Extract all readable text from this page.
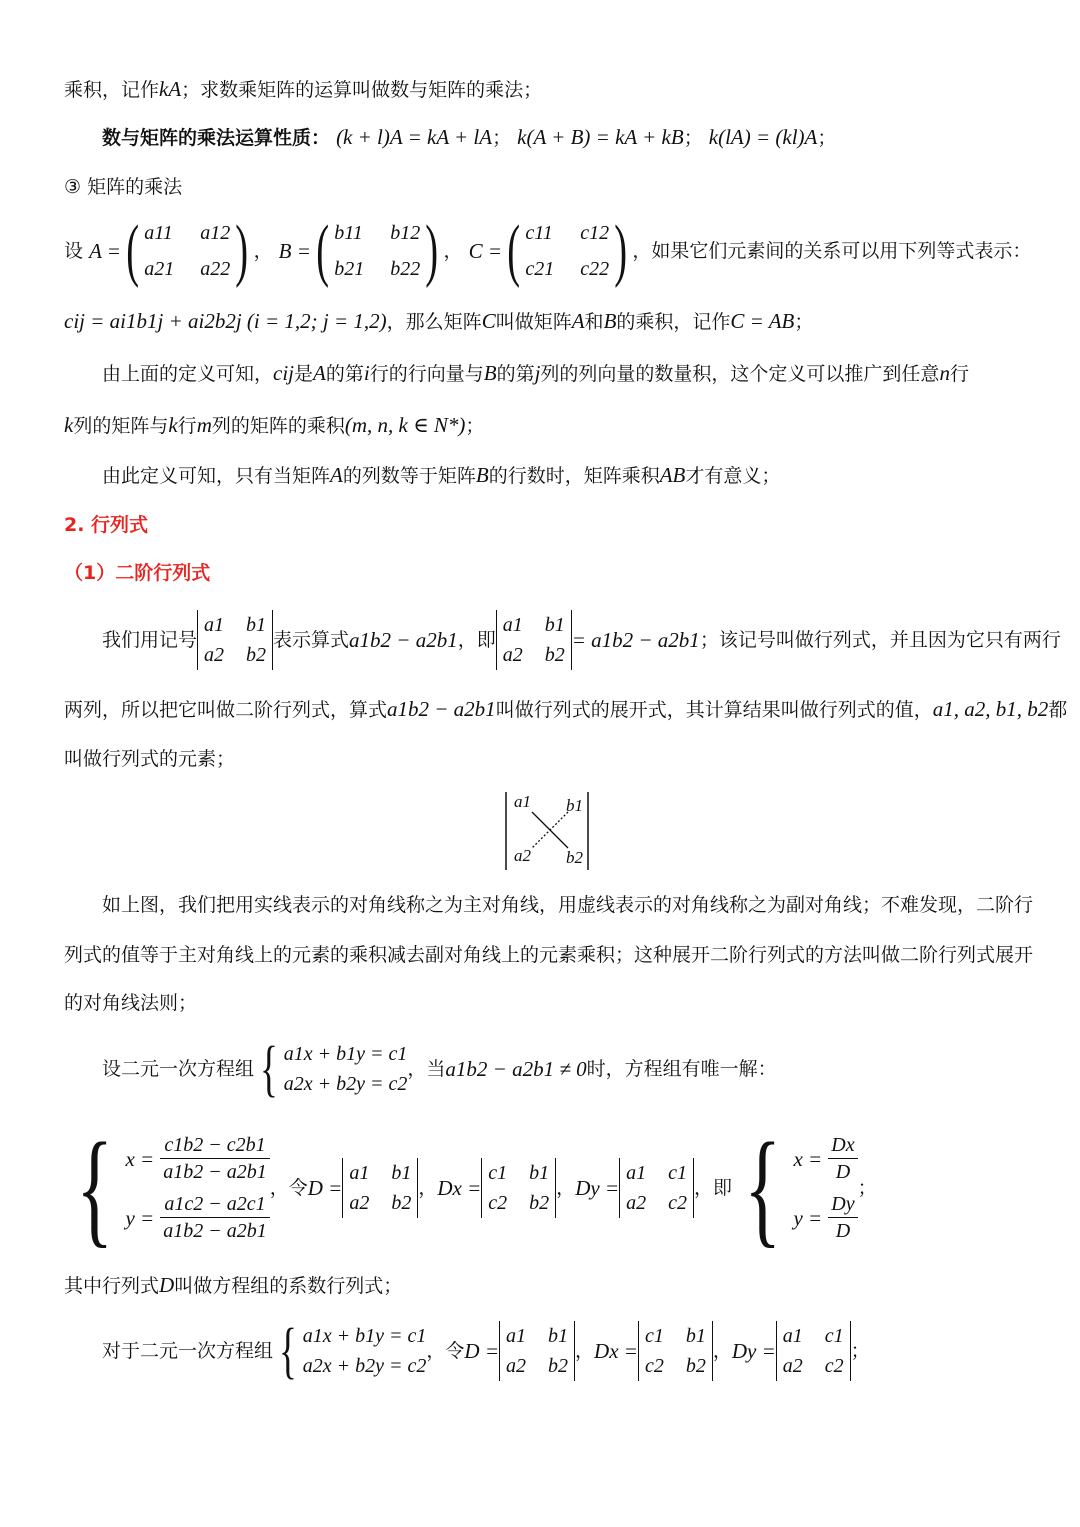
乘积，记作kA；求数乘矩阵的运算叫做数与矩阵的乘法；
数与矩阵的乘法运算性质： (k + l)A = kA + lA； k(A + B) = kA + kB； k(lA) = (kl)A；
③ 矩阵的乘法
设
A = ( a11 a12
a21 a22 ) ，
B = ( b11 b12
b21 b22 ) ，
C = ( c11 c12
c21 c22 ) ，如果它们元素间的关系可以用下列等式表示：
cij = ai1b1j + ai2b2j (i = 1,2; j = 1,2)，那么矩阵C叫做矩阵A和B的乘积，记作C = AB；
由上面的定义可知，cij是A的第i行的行向量与B的第j列的列向量的数量积，这个定义可以推广到任意n行
k列的矩阵与k行m列的矩阵的乘积(m, n, k ∈ N*)；
由此定义可知，只有当矩阵A的列数等于矩阵B的行数时，矩阵乘积AB才有意义；
2. 行列式
（1）二阶行列式
我们用记号
a1 b1
a2 b2
表示算式 a1b2 − a2b1 ，即
a1 b1
a2 b2
= a1b2 − a2b1 ；该记号叫做行列式，并且因为它只有两行
两列，所以把它叫做二阶行列式，算式a1b2 − a2b1叫做行列式的展开式，其计算结果叫做行列式的值，a1, a2, b1, b2都
叫做行列式的元素；
a1 b1
a2 b2
如上图，我们把用实线表示的对角线称之为主对角线，用虚线表示的对角线称之为副对角线；不难发现，二阶行
列式的值等于主对角线上的元素的乘积减去副对角线上的元素乘积；这种展开二阶行列式的方法叫做二阶行列式展开
的对角线法则；
设二元一次方程组 { a1x + b1y = c1
a2x + b2y = c2
，当 a1b2 − a2b1 ≠ 0 时，方程组有唯一解：
{ x =
$\frac{c1b2 - c2b1}{a1b2 - a2b1}$
y =
$\frac{a1c2 - a2c1}{a1b2 - a2b1}$
，令 D =
a1 b1
a2 b2
， Dx =
c1 b1
c2 b2
， Dy =
a1 c1
a2 c2
，即 { x =
$\frac{Dx}{D}$
y =
$\frac{Dy}{D}$
；
其中行列式D叫做方程组的系数行列式；
对于二元一次方程组 { a1x + b1y = c1
a2x + b2y = c2
，令 D =
a1 b1
a2 b2
， Dx =
c1 b1
c2 b2
， Dy =
a1 c1
a2 c2
；
